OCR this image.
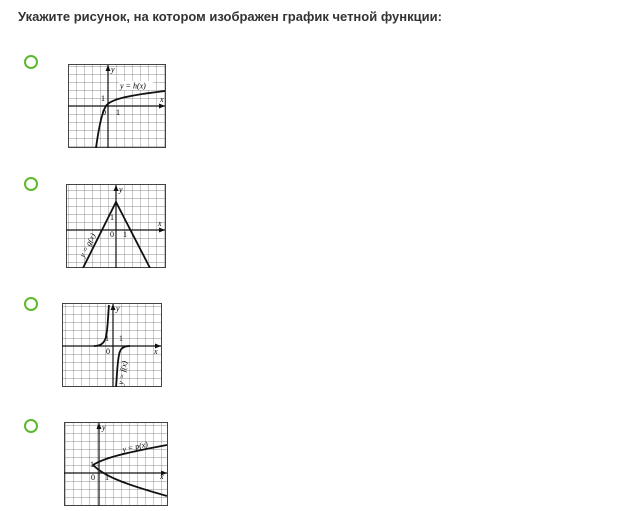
Укажите рисунок, на котором изображен график четной функции:
y = h(x)
x
y
1
0 1
y = g(x)
x
y
1
0 1
y = f(x)
x
y
1
0
1
y = p(x)
x
y
1
0 1
